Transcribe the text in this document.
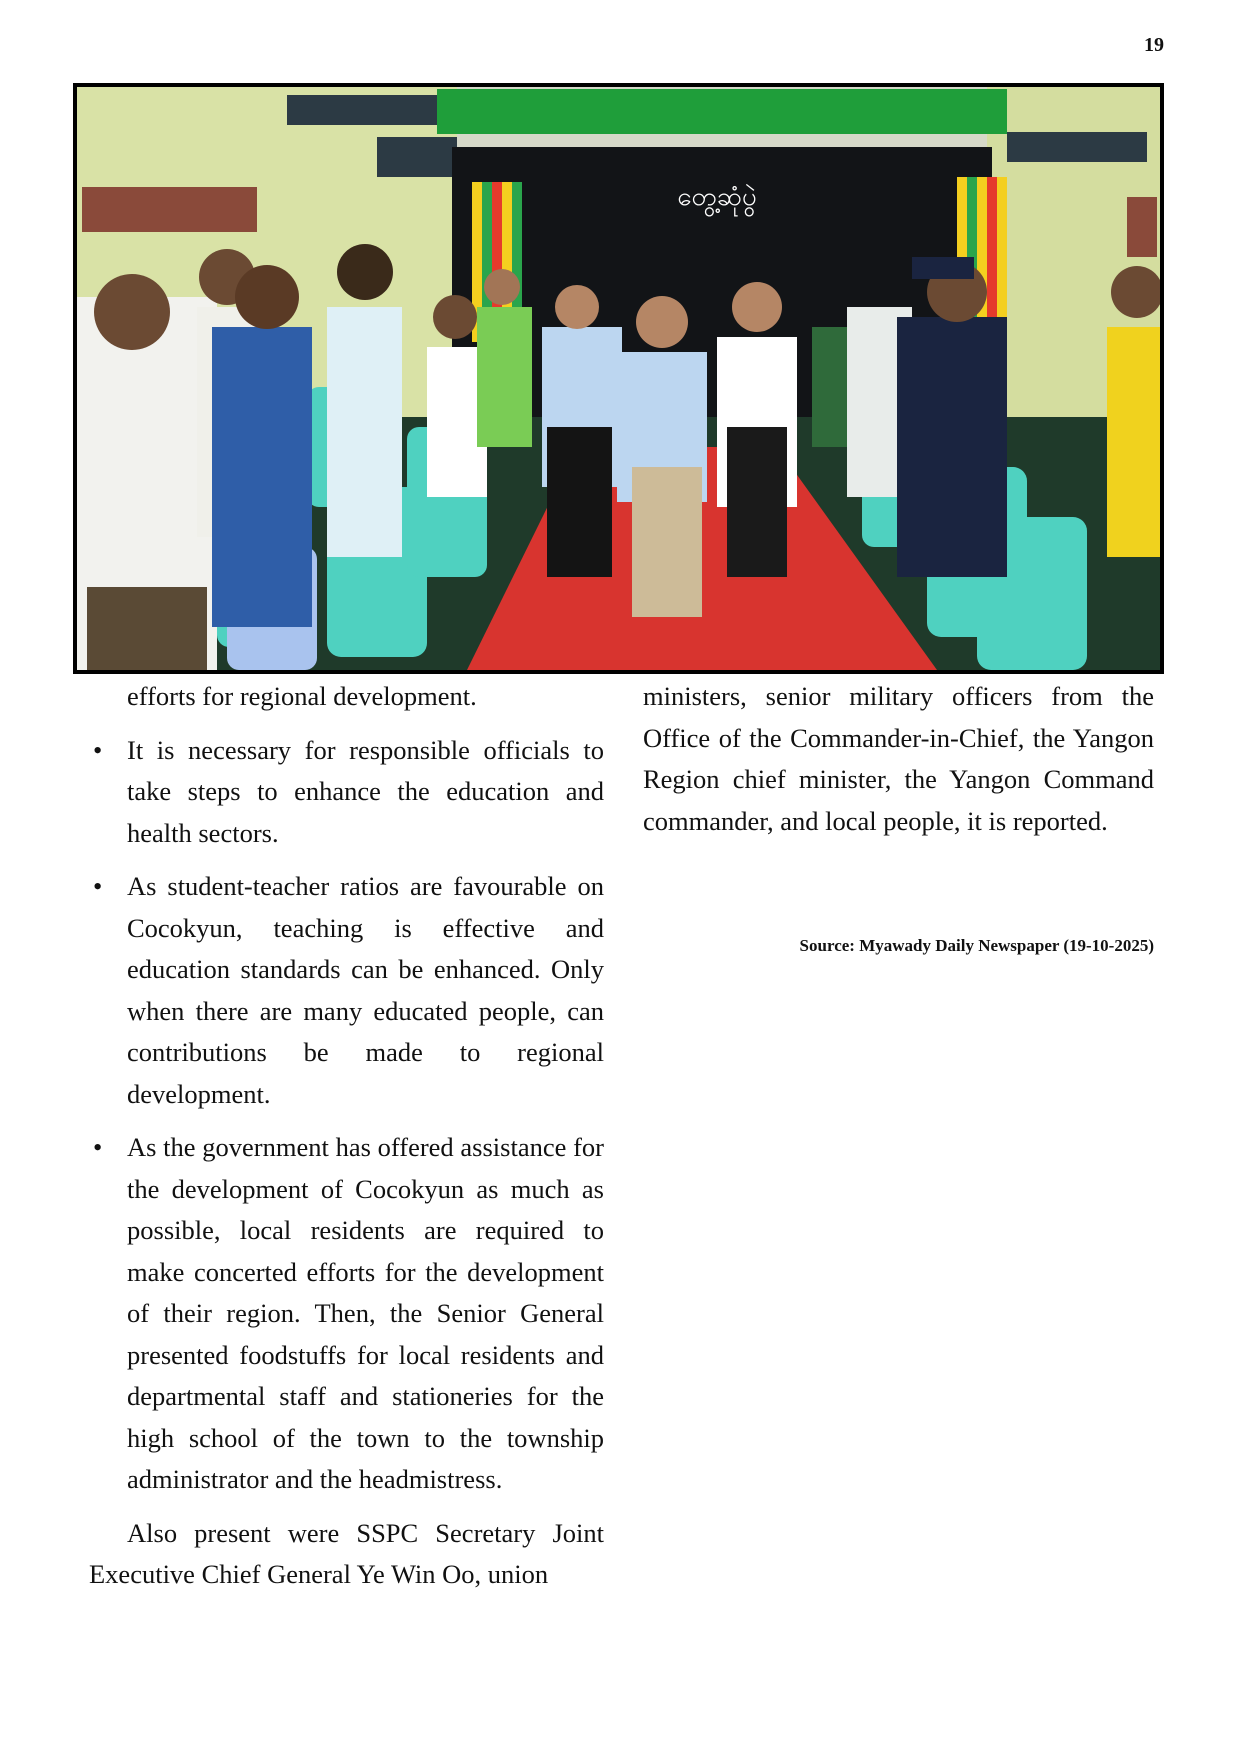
19
တွေ့ဆုံပွဲ

efforts for regional development.

• It is necessary for responsible officials to take steps to enhance the education and health sectors.
• As student-teacher ratios are favourable on Cocokyun, teaching is effective and education standards can be enhanced. Only when there are many educated people, can contributions be made to regional development.
• As the government has offered assistance for the development of Cocokyun as much as possible, local residents are required to make concerted efforts for the development of their region. Then, the Senior General presented foodstuffs for local residents and departmental staff and stationeries for the high school of the town to the township administrator and the headmistress.

Also present were SSPC Secretary Joint Executive Chief General Ye Win Oo, union

ministers, senior military officers from the Office of the Commander-in-Chief, the Yangon Region chief minister, the Yangon Command commander, and local people, it is reported.

Source: Myawady Daily Newspaper (19-10-2025)
